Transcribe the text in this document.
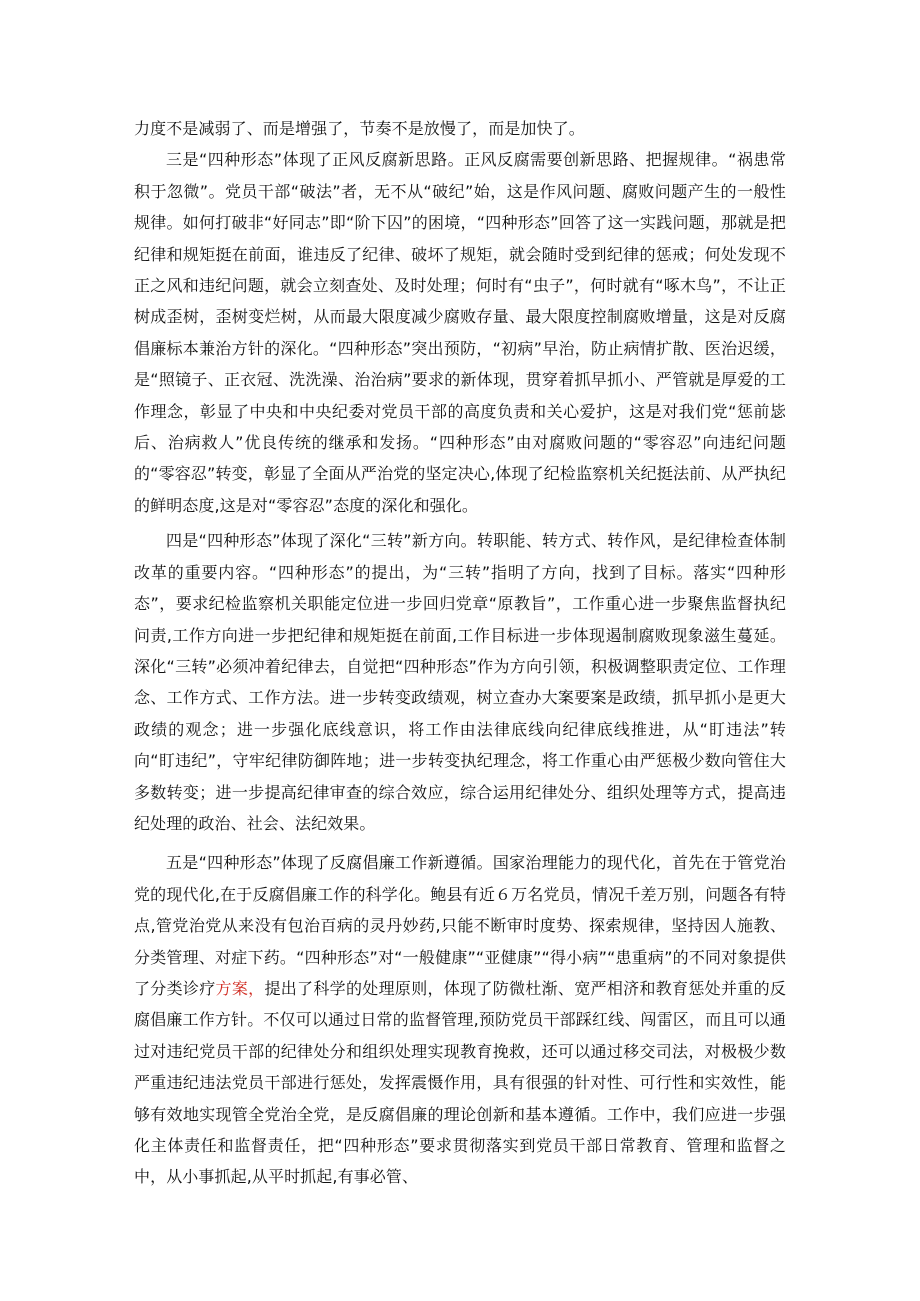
力度不是减弱了、而是增强了，节奏不是放慢了，而是加快了。

三是“四种形态”体现了正风反腐新思路。正风反腐需要创新思路、把握规律。“祸患常积于忽微”。党员干部“破法”者，无不从“破纪”始，这是作风问题、腐败问题产生的一般性规律。如何打破非“好同志”即“阶下囚”的困境，“四种形态”回答了这一实践问题，那就是把纪律和规矩挺在前面，谁违反了纪律、破坏了规矩，就会随时受到纪律的惩戒；何处发现不正之风和违纪问题，就会立刻查处、及时处理；何时有“虫子”，何时就有“啄木鸟”，不让正树成歪树，歪树变烂树，从而最大限度减少腐败存量、最大限度控制腐败增量，这是对反腐倡廉标本兼治方针的深化。“四种形态”突出预防，“初病”早治，防止病情扩散、医治迟缓，是“照镜子、正衣冠、洗洗澡、治治病”要求的新体现，贯穿着抓早抓小、严管就是厚爱的工作理念，彰显了中央和中央纪委对党员干部的高度负责和关心爱护，这是对我们党“惩前毖后、治病救人”优良传统的继承和发扬。“四种形态”由对腐败问题的“零容忍”向违纪问题的“零容忍”转变，彰显了全面从严治党的坚定决心,体现了纪检监察机关纪挺法前、从严执纪的鲜明态度,这是对“零容忍”态度的深化和强化。

四是“四种形态”体现了深化“三转”新方向。转职能、转方式、转作风，是纪律检查体制改革的重要内容。“四种形态”的提出，为“三转”指明了方向，找到了目标。落实“四种形态”，要求纪检监察机关职能定位进一步回归党章“原教旨”，工作重心进一步聚焦监督执纪问责,工作方向进一步把纪律和规矩挺在前面,工作目标进一步体现遏制腐败现象滋生蔓延。深化“三转”必须冲着纪律去，自觉把“四种形态”作为方向引领，积极调整职责定位、工作理念、工作方式、工作方法。进一步转变政绩观，树立查办大案要案是政绩，抓早抓小是更大政绩的观念；进一步强化底线意识，将工作由法律底线向纪律底线推进，从“盯违法”转向“盯违纪”，守牢纪律防御阵地；进一步转变执纪理念，将工作重心由严惩极少数向管住大多数转变；进一步提高纪律审查的综合效应，综合运用纪律处分、组织处理等方式，提高违纪处理的政治、社会、法纪效果。

五是“四种形态”体现了反腐倡廉工作新遵循。国家治理能力的现代化，首先在于管党治党的现代化,在于反腐倡廉工作的科学化。鲍县有近６万名党员，情况千差万别，问题各有特点,管党治党从来没有包治百病的灵丹妙药,只能不断审时度势、探索规律，坚持因人施教、分类管理、对症下药。“四种形态”对“一般健康”“亚健康”“得小病”“患重病”的不同对象提供了分类诊疗方案，提出了科学的处理原则，体现了防微杜渐、宽严相济和教育惩处并重的反腐倡廉工作方针。不仅可以通过日常的监督管理,预防党员干部踩红线、闯雷区，而且可以通过对违纪党员干部的纪律处分和组织处理实现教育挽救，还可以通过移交司法，对极极少数严重违纪违法党员干部进行惩处，发挥震慑作用，具有很强的针对性、可行性和实效性，能够有效地实现管全党治全党，是反腐倡廉的理论创新和基本遵循。工作中，我们应进一步强化主体责任和监督责任，把“四种形态”要求贯彻落实到党员干部日常教育、管理和监督之中，从小事抓起,从平时抓起,有事必管、
